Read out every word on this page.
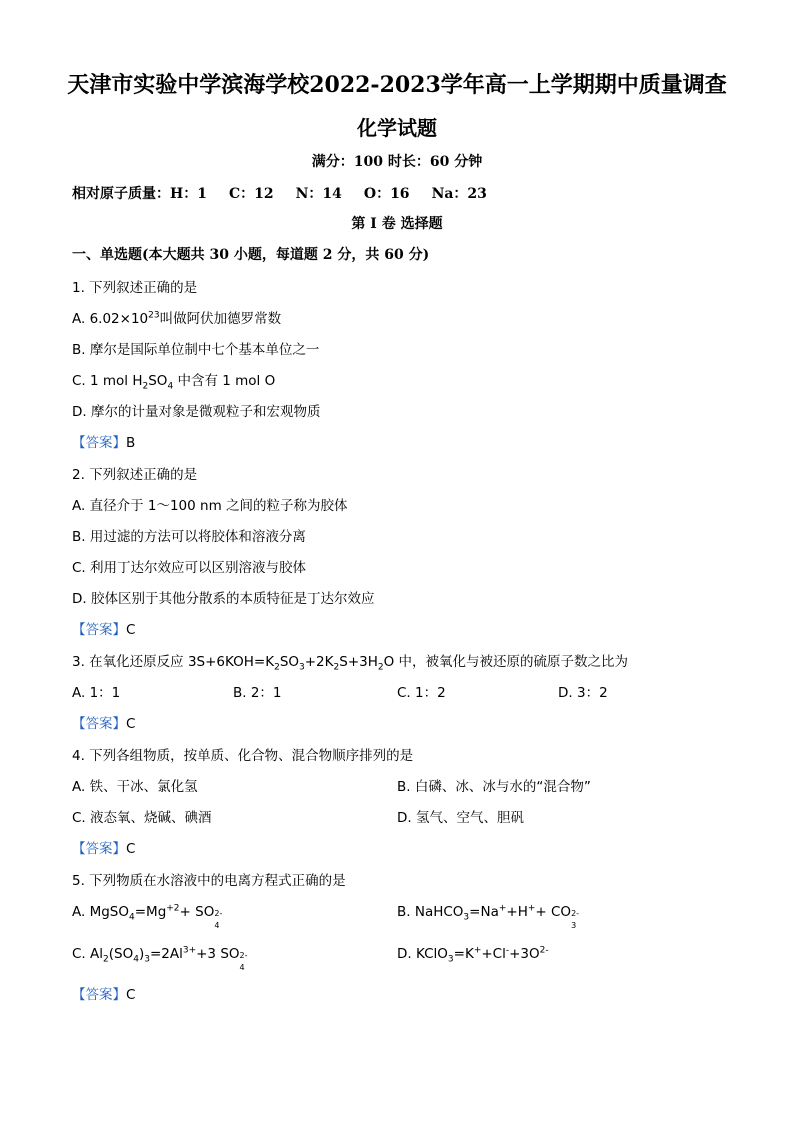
天津市实验中学滨海学校2022-2023学年高一上学期期中质量调查
化学试题
满分：100 时长：60 分钟
相对原子质量：H：1 C：12 N：14 O：16 Na：23
第 I 卷 选择题
一、单选题(本大题共 30 小题，每道题 2 分，共 60 分)
1. 下列叙述正确的是
A. $6.02\times 10^{23}$叫做阿伏加德罗常数
B. 摩尔是国际单位制中七个基本单位之一
C. 1 mol $H_2SO_4$ 中含有 1 mol O
D. 摩尔的计量对象是微观粒子和宏观物质
【答案】B
2. 下列叙述正确的是
A. 直径介于 1～100 nm 之间的粒子称为胶体
B. 用过滤的方法可以将胶体和溶液分离
C. 利用丁达尔效应可以区别溶液与胶体
D. 胶体区别于其他分散系的本质特征是丁达尔效应
【答案】C
3. 在氧化还原反应 $3S+6KOH=K_2SO_3+2K_2S+3H_2O$ 中，被氧化与被还原的硫原子数之比为
A. 1：1	B. 2：1	C. 1：2	D. 3：2
【答案】C
4. 下列各组物质，按单质、化合物、混合物顺序排列的是
A. 铁、干冰、氯化氢	B. 白磷、冰、冰与水的“混合物”
C. 液态氧、烧碱、碘酒	D. 氢气、空气、胆矾
【答案】C
5. 下列物质在水溶液中的电离方程式正确的是
A. $MgSO_4=Mg^{+2}+$ SO 2-
4
B. NaHCO$_3$=Na++H++ CO 2-
3
C. $Al_2(SO_4)_3=2Al^{3+}+3$ SO 2-
4
D. $KClO_3=K^++Cl^-+3O^{2-}$
【答案】C
